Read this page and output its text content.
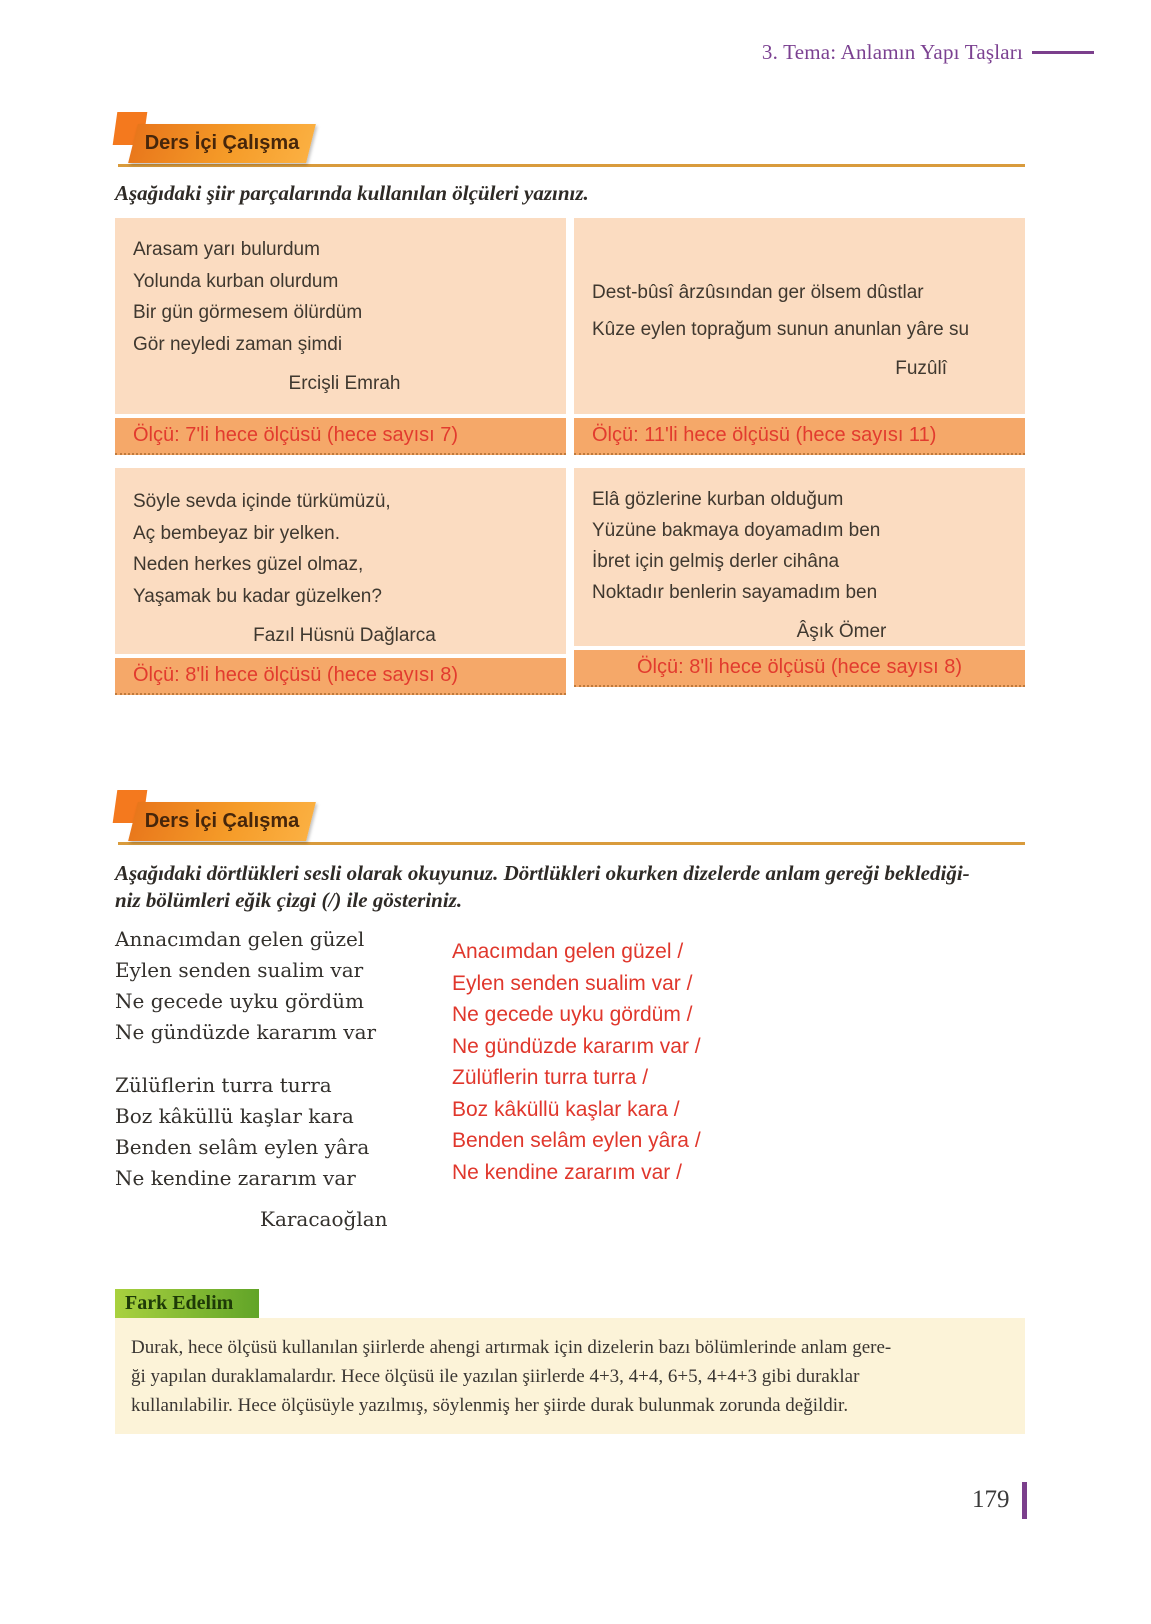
3. Tema: Anlamın Yapı Taşları
Ders İçi Çalışma
Aşağıdaki şiir parçalarında kullanılan ölçüleri yazınız.
Arasam yarı bulurdum
Yolunda kurban olurdum
Bir gün görmesem ölürdüm
Gör neyledi zaman şimdi
Ercişli Emrah
Ölçü: 7'li hece ölçüsü (hece sayısı 7)
Söyle sevda içinde türkümüzü,
Aç bembeyaz bir yelken.
Neden herkes güzel olmaz,
Yaşamak bu kadar güzelken?
Fazıl Hüsnü Dağlarca
Ölçü: 8'li hece ölçüsü (hece sayısı 8)
Dest-bûsî ârzûsından ger ölsem dûstlar
Kûze eylen toprağum sunun anunlan yâre su
Fuzûlî
Ölçü: 11'li hece ölçüsü (hece sayısı 11)
Elâ gözlerine kurban olduğum
Yüzüne bakmaya doyamadım ben
İbret için gelmiş derler cihâna
Noktadır benlerin sayamadım ben
Âşık Ömer
Ölçü: 8'li hece ölçüsü (hece sayısı 8)
Ders İçi Çalışma
Aşağıdaki dörtlükleri sesli olarak okuyunuz. Dörtlükleri okurken dizelerde anlam gereği beklediği-
niz bölümleri eğik çizgi (/) ile gösteriniz.
Annacımdan gelen güzel
Eylen senden sualim var
Ne gecede uyku gördüm
Ne gündüzde kararım var
Zülüflerin turra turra
Boz kâküllü kaşlar kara
Benden selâm eylen yâra
Ne kendine zararım var
Karacaoğlan
Anacımdan gelen güzel /
Eylen senden sualim var /
Ne gecede uyku gördüm /
Ne gündüzde kararım var /
Zülüflerin turra turra /
Boz kâküllü kaşlar kara /
Benden selâm eylen yâra /
Ne kendine zararım var /
Fark Edelim
Durak, hece ölçüsü kullanılan şiirlerde ahengi artırmak için dizelerin bazı bölümlerinde anlam gere-
ği yapılan duraklamalardır. Hece ölçüsü ile yazılan şiirlerde 4+3, 4+4, 6+5, 4+4+3 gibi duraklar
kullanılabilir. Hece ölçüsüyle yazılmış, söylenmiş her şiirde durak bulunmak zorunda değildir.
179
